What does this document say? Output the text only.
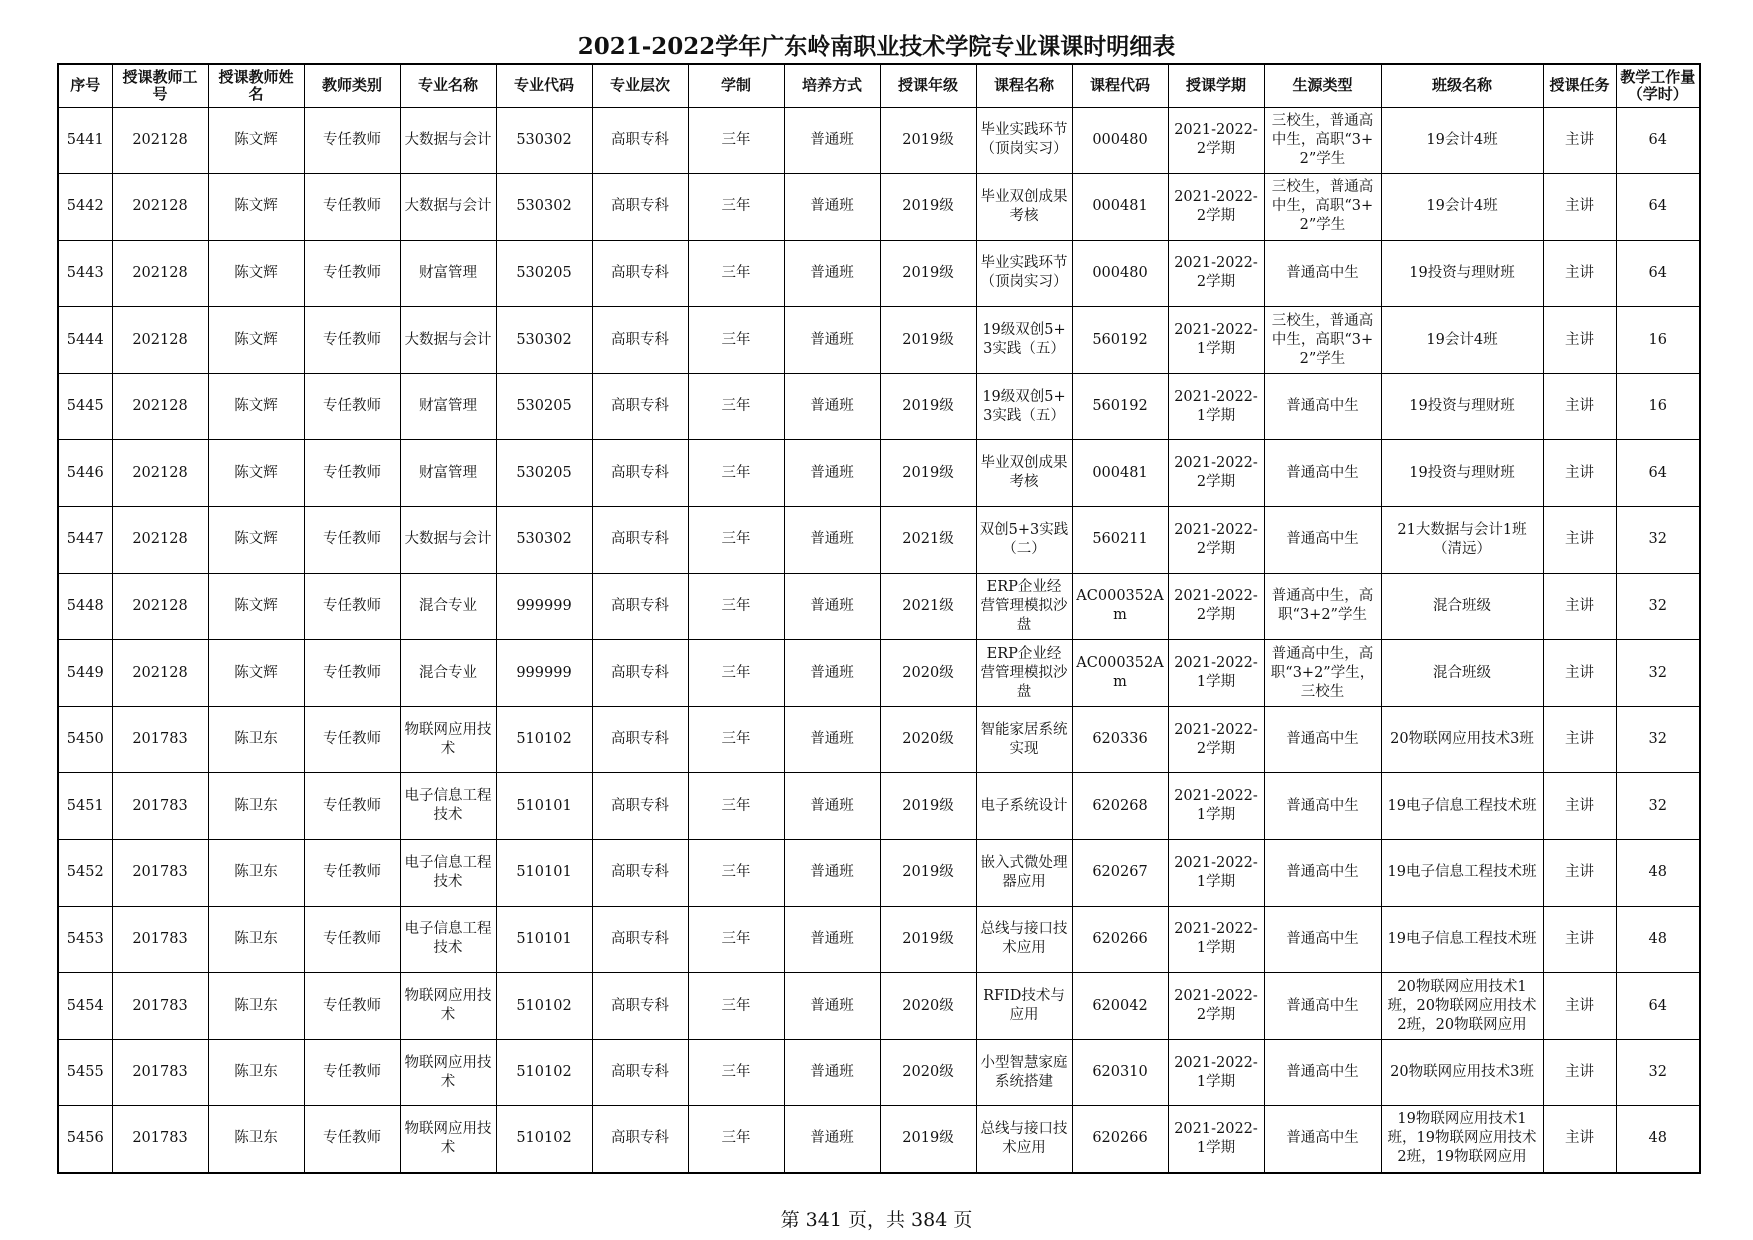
2021-2022学年广东岭南职业技术学院专业课课时明细表
序号	授课教师工号	授课教师姓名	教师类别	专业名称	专业代码	专业层次	学制	培养方式	授课年级	课程名称	课程代码	授课学期	生源类型	班级名称	授课任务	教学工作量（学时）

5441	202128	陈文辉	专任教师	大数据与会计	530302	高职专科	三年	普通班	2019级	毕业实践环节（顶岗实习）	000480	2021-2022-2学期	三校生，普通高中生，高职“3+2”学生	19会计4班	主讲	64

5442	202128	陈文辉	专任教师	大数据与会计	530302	高职专科	三年	普通班	2019级	毕业双创成果考核	000481	2021-2022-2学期	三校生，普通高中生，高职“3+2”学生	19会计4班	主讲	64

5443	202128	陈文辉	专任教师	财富管理	530205	高职专科	三年	普通班	2019级	毕业实践环节（顶岗实习）	000480	2021-2022-2学期	普通高中生	19投资与理财班	主讲	64

5444	202128	陈文辉	专任教师	大数据与会计	530302	高职专科	三年	普通班	2019级	19级双创5+3实践（五）	560192	2021-2022-1学期	三校生，普通高中生，高职“3+2”学生	19会计4班	主讲	16

5445	202128	陈文辉	专任教师	财富管理	530205	高职专科	三年	普通班	2019级	19级双创5+3实践（五）	560192	2021-2022-1学期	普通高中生	19投资与理财班	主讲	16

5446	202128	陈文辉	专任教师	财富管理	530205	高职专科	三年	普通班	2019级	毕业双创成果考核	000481	2021-2022-2学期	普通高中生	19投资与理财班	主讲	64

5447	202128	陈文辉	专任教师	大数据与会计	530302	高职专科	三年	普通班	2021级	双创5+3实践（二）	560211	2021-2022-2学期	普通高中生	21大数据与会计1班（清远）	主讲	32

5448	202128	陈文辉	专任教师	混合专业	999999	高职专科	三年	普通班	2021级	ERP企业经营管理模拟沙盘	AC000352Am	2021-2022-2学期	普通高中生，高职“3+2”学生	混合班级	主讲	32

5449	202128	陈文辉	专任教师	混合专业	999999	高职专科	三年	普通班	2020级	ERP企业经营管理模拟沙盘	AC000352Am	2021-2022-1学期	普通高中生，高职“3+2”学生，三校生	混合班级	主讲	32

5450	201783	陈卫东	专任教师	物联网应用技术	510102	高职专科	三年	普通班	2020级	智能家居系统实现	620336	2021-2022-2学期	普通高中生	20物联网应用技术3班	主讲	32

5451	201783	陈卫东	专任教师	电子信息工程技术	510101	高职专科	三年	普通班	2019级	电子系统设计	620268	2021-2022-1学期	普通高中生	19电子信息工程技术班	主讲	32

5452	201783	陈卫东	专任教师	电子信息工程技术	510101	高职专科	三年	普通班	2019级	嵌入式微处理器应用	620267	2021-2022-1学期	普通高中生	19电子信息工程技术班	主讲	48

5453	201783	陈卫东	专任教师	电子信息工程技术	510101	高职专科	三年	普通班	2019级	总线与接口技术应用	620266	2021-2022-1学期	普通高中生	19电子信息工程技术班	主讲	48

5454	201783	陈卫东	专任教师	物联网应用技术	510102	高职专科	三年	普通班	2020级	RFID技术与应用	620042	2021-2022-2学期	普通高中生	20物联网应用技术1班，20物联网应用技术2班，20物联网应用	主讲	64

5455	201783	陈卫东	专任教师	物联网应用技术	510102	高职专科	三年	普通班	2020级	小型智慧家庭系统搭建	620310	2021-2022-1学期	普通高中生	20物联网应用技术3班	主讲	32

5456	201783	陈卫东	专任教师	物联网应用技术	510102	高职专科	三年	普通班	2019级	总线与接口技术应用	620266	2021-2022-1学期	普通高中生	19物联网应用技术1班，19物联网应用技术2班，19物联网应用	主讲	48
第 341 页，共 384 页
